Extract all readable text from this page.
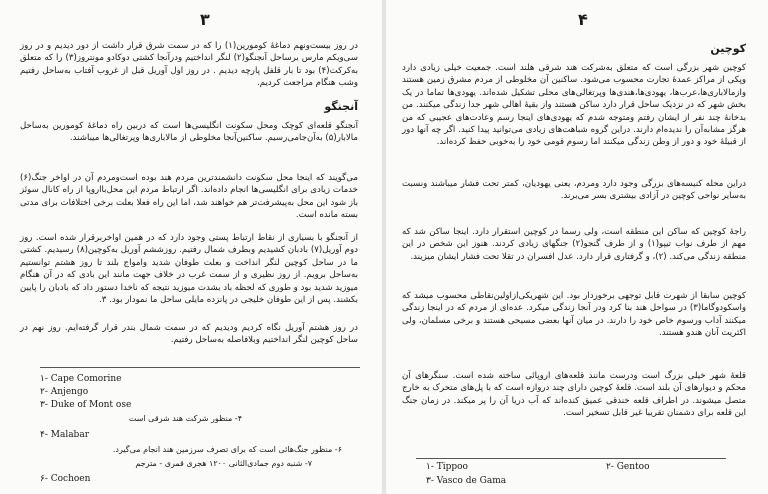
۳
در روز بیست‌ونهم دماغهٔ کومورین(۱) را که در سمت شرق قرار داشت از دور دیدیم و در روز سی‌ویکم مارس برساحل آنجنگو(۲) لنگر انداختیم ودرآنجا کشتی دوکاد‌و مونتروز(۳) را که متعلق به‌کرکت(۴) بود تا بار قلفل پارچه دیدیم . در روز اول آوریل قبل از غروب آفتاب به‌ساحل رفتیم وشب هنگام مراجعت کردیم.
آنجنگو
آنجنگو قلعه‌ای کوچک ومحل سکونت انگلیسی‌ها است که دربین راه دماغهٔ کومورین به‌ساحل مالابار(۵) به‌آن‌جامی‌رسیم. ساکنین‌آنجا مخلوطی از مالاباری‌ها وپرتغالی‌ها میباشند.
می‌گویند که اینجا محل سکونت دانشمندترین مردم هند بوده است‌ومردم آن در اواخر جنگ(۶) خدمات زیادی برای انگلیسی‌ها انجام داده‌اند. اگر ارتباط مردم این محل‌بااروپا از راه کانال سوئز باز شود این محل به‌پیشرفت‌تر هم خواهند شد، اما این راه فعلا بعلت برخی اختلافات برای مدتی بسته مانده است.
از آنجنگو با بسیاری از نقاط ارتباط پستی وجود دارد که در همین اواخربرقرار شده است. روز دوم آوریل(۷) بادبان کشیدیم وبطرف شمال رفتیم. روزششم آوریل به‌کوچین(۸) رسیدیم. کشتی ما در ساحل کوچین لنگر انداخت و بعلت طوفان شدید وامواج بلند تا روز هشتم توانستیم به‌ساحل برویم. از روز نظیری و از سمت غرب در خلاف جهت مانند این بادی که در آن هنگام میوزید شدید بود و طوری که لحظه باد بشدت میوزید نتیجه که ناخدا دستور داد که بادبان را پایین بکشند. پس از این طوفان خلیجی در پانزده مایلی ساحل ما نمودار بود. ۳.
در روز هشتم آوریل نگاه کردیم ودیدیم که در سمت شمال بندر قرار گرفته‌ایم. روز نهم در ساحل کوچین لنگر انداختیم وبلافاصله به‌ساحل رفتیم.
۱- Cape Comorine
۲- Anjengo
۳- Duke of Mont ose
۴- منظور شرکت هند شرقی است
۴- Malabar
۶- منظور جنگ‌هائی است که برای تصرف سرزمین هند انجام می‌گیرد.
۷- شنبه دوم جمادی‌الثانی ۱۲۰۰ هجری قمری - مترجم
۶- Cochoen
۴
کوچین
کوچین شهر بزرگی است که متعلق به‌شرکت هند شرقی هلند است. جمعیت خیلی زیادی دارد وپکی از مراکز عمدهٔ تجارت محسوب می‌شود. ساکنین آن مخلوطی از مردم مشرق زمین هستند وازمالاباری‌ها،عرب‌ها، یهودی‌ها،هندی‌ها وپرتغالی‌های محلی تشکیل شده‌اند. یهودی‌ها تماما در یک بخش شهر که در نزدیک ساحل قرار دارد ساکن هستند واز بقیهٔ اهالی شهر جدا زندگی میکنند. من بدخانهٔ چند نفر از ایشان رفتم ومتوجه شدم که یهودی‌های اینجا رسم وعادت‌های عجیبی که من هرگز مشابه‌آن را ندیده‌ام دارند. دراین گروه شباهت‌های زیادی می‌توانید پیدا کنید. اگر چه آنها دور از قبیلهٔ خود و دور از وطن زندگی میکنند اما رسوم قومی خود را به‌خوبی حفظ کرده‌اند.
دراین محله کنیسه‌های بزرگی وجود دارد ومردم، یعنی یهودیان، کمتر تحت فشار میباشند ونسبت به‌سایر نواحی کوچین در آزادی بیشتری بسر می‌برند.
راجهٔ کوچین که ساکن این منطقه است، ولی رسما در کوچین استقرار دارد. اینجا ساکن شد که مهم از طرف نواب تیپو(۱) و از طرف گنجو(۲) جنگهای زیادی کردند. هنوز این شخص در این منطقه زندگی می‌کند. (۲)، و گرفتاری قرار دارد. عدل افسران در تقلا تحت فشار ایشان میزیند.
کوچین سابقا از شهرت قابل توجهی برخوردار بود. این شهریکی‌ازاولین‌نقاطی محسوب میشد که واسکودوگاما(۳) در سواحل هند بنا کرد ودر آنجا زندگی میکرد. عده‌ای از مردم که در اینجا زندگی میکنند آداب ورسوم خاص خود را دارند. در میان آنها بعضی مسیحی هستند و برخی مسلمان، ولی اکثریت آنان هندو هستند.
قلعهٔ شهر خیلی بزرگ است ودرست مانند قلعه‌های اروپائی ساخته شده است. سنگرهای آن محکم و دیوارهای آن بلند است. قلعهٔ کوچین دارای چند دروازه است که با پل‌های متحرک به خارج متصل میشوند. در اطراف قلعه خندقی عمیق کنده‌اند که آب دریا آن را پر میکند. در زمان جنگ این قلعه برای دشمنان تقریبا غیر قابل تسخیر است.
۱- Tippoo	۲- Gentoo
۳- Vasco de Gama
